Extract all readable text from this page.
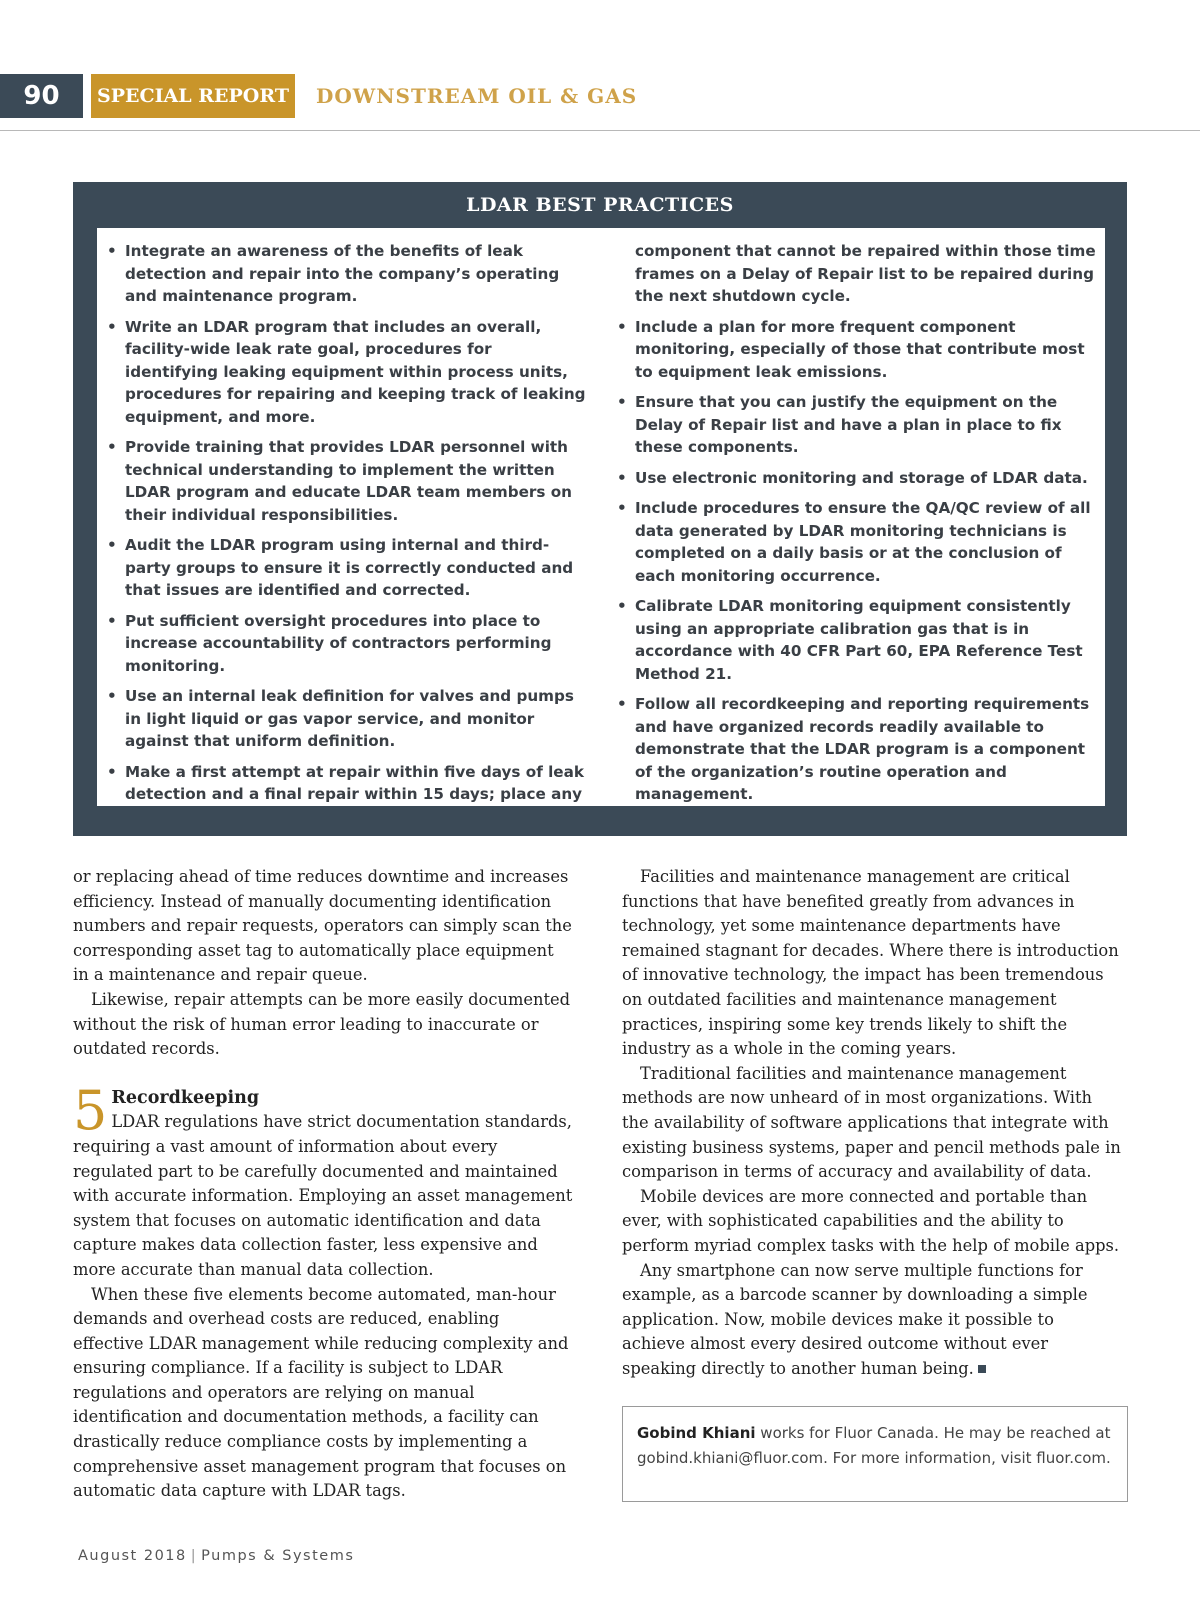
90	SPECIAL REPORT	DOWNSTREAM OIL & GAS
LDAR BEST PRACTICES
• Integrate an awareness of the benefits of leak detection and repair into the company’s operating and maintenance program.
• Write an LDAR program that includes an overall, facility-wide leak rate goal, procedures for identifying leaking equipment within process units, procedures for repairing and keeping track of leaking equipment, and more.
• Provide training that provides LDAR personnel with technical understanding to implement the written LDAR program and educate LDAR team members on their individual responsibilities.
• Audit the LDAR program using internal and third-party groups to ensure it is correctly conducted and that issues are identified and corrected.
• Put sufficient oversight procedures into place to increase accountability of contractors performing monitoring.
• Use an internal leak definition for valves and pumps in light liquid or gas vapor service, and monitor against that uniform definition.
• Make a first attempt at repair within five days of leak detection and a final repair within 15 days; place any
component that cannot be repaired within those time frames on a Delay of Repair list to be repaired during the next shutdown cycle.
• Include a plan for more frequent component monitoring, especially of those that contribute most to equipment leak emissions.
• Ensure that you can justify the equipment on the Delay of Repair list and have a plan in place to fix these components.
• Use electronic monitoring and storage of LDAR data.
• Include procedures to ensure the QA/QC review of all data generated by LDAR monitoring technicians is completed on a daily basis or at the conclusion of each monitoring occurrence.
• Calibrate LDAR monitoring equipment consistently using an appropriate calibration gas that is in accordance with 40 CFR Part 60, EPA Reference Test Method 21.
• Follow all recordkeeping and reporting requirements and have organized records readily available to demonstrate that the LDAR program is a component of the organization’s routine operation and management.

or replacing ahead of time reduces downtime and increases efficiency. Instead of manually documenting identification numbers and repair requests, operators can simply scan the corresponding asset tag to automatically place equipment in a maintenance and repair queue.

Likewise, repair attempts can be more easily documented without the risk of human error leading to inaccurate or outdated records.

5 Recordkeeping

LDAR regulations have strict documentation standards, requiring a vast amount of information about every regulated part to be carefully documented and maintained with accurate information. Employing an asset management system that focuses on automatic identification and data capture makes data collection faster, less expensive and more accurate than manual data collection.

When these five elements become automated, man-hour demands and overhead costs are reduced, enabling effective LDAR management while reducing complexity and ensuring compliance. If a facility is subject to LDAR regulations and operators are relying on manual identification and documentation methods, a facility can drastically reduce compliance costs by implementing a comprehensive asset management program that focuses on automatic data capture with LDAR tags.

Facilities and maintenance management are critical functions that have benefited greatly from advances in technology, yet some maintenance departments have remained stagnant for decades. Where there is introduction of innovative technology, the impact has been tremendous on outdated facilities and maintenance management practices, inspiring some key trends likely to shift the industry as a whole in the coming years.

Traditional facilities and maintenance management methods are now unheard of in most organizations. With the availability of software applications that integrate with existing business systems, paper and pencil methods pale in comparison in terms of accuracy and availability of data.

Mobile devices are more connected and portable than ever, with sophisticated capabilities and the ability to perform myriad complex tasks with the help of mobile apps.

Any smartphone can now serve multiple functions for example, as a barcode scanner by downloading a simple application. Now, mobile devices make it possible to achieve almost every desired outcome without ever speaking directly to another human being.

Gobind Khiani works for Fluor Canada. He may be reached at gobind.khiani@fluor.com. For more information, visit fluor.com.
August 2018 | Pumps & Systems
